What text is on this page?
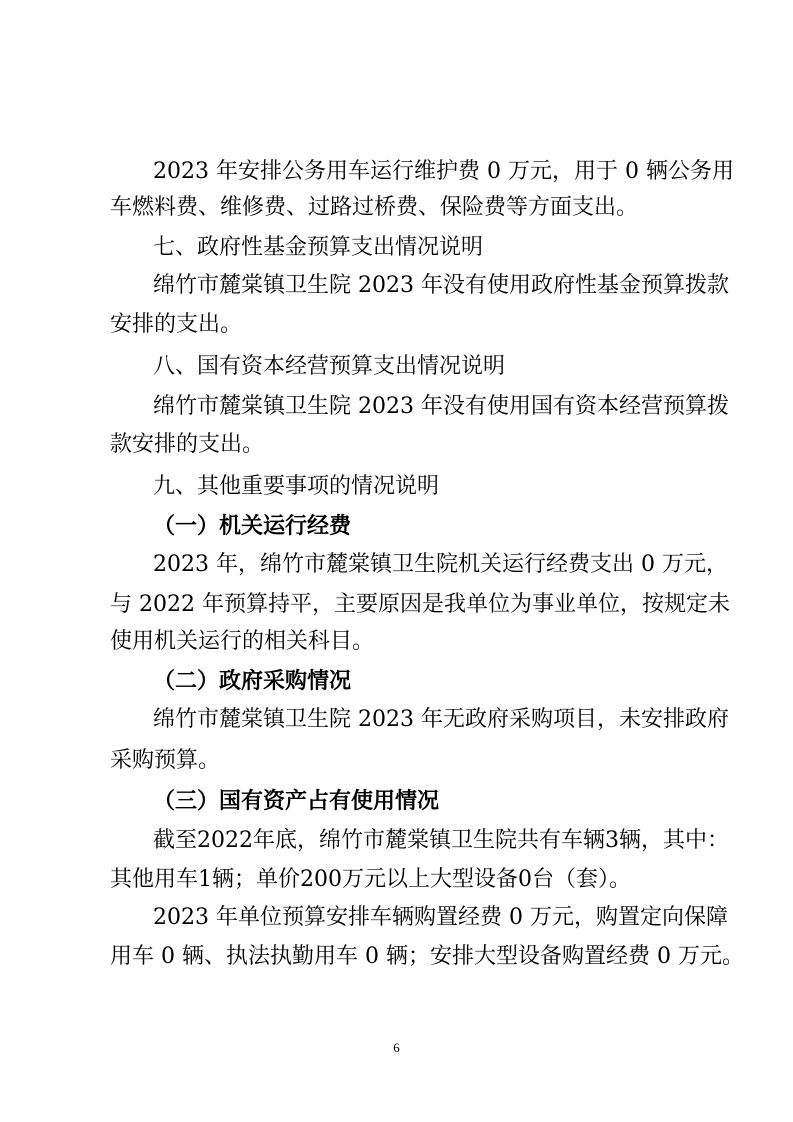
2023 年安排公务用车运行维护费 0 万元，用于 0 辆公务用
车燃料费、维修费、过路过桥费、保险费等方面支出。
七、政府性基金预算支出情况说明
绵竹市麓棠镇卫生院 2023 年没有使用政府性基金预算拨款
安排的支出。
八、国有资本经营预算支出情况说明
绵竹市麓棠镇卫生院 2023 年没有使用国有资本经营预算拨
款安排的支出。
九、其他重要事项的情况说明
（一）机关运行经费
2023 年，绵竹市麓棠镇卫生院机关运行经费支出 0 万元，
与 2022 年预算持平，主要原因是我单位为事业单位，按规定未
使用机关运行的相关科目。
（二）政府采购情况
绵竹市麓棠镇卫生院 2023 年无政府采购项目，未安排政府
采购预算。
（三）国有资产占有使用情况
截至2022年底，绵竹市麓棠镇卫生院共有车辆3辆，其中：
其他用车1辆；单价200万元以上大型设备0台（套）。
2023 年单位预算安排车辆购置经费 0 万元，购置定向保障
用车 0 辆、执法执勤用车 0 辆；安排大型设备购置经费 0 万元。
6
